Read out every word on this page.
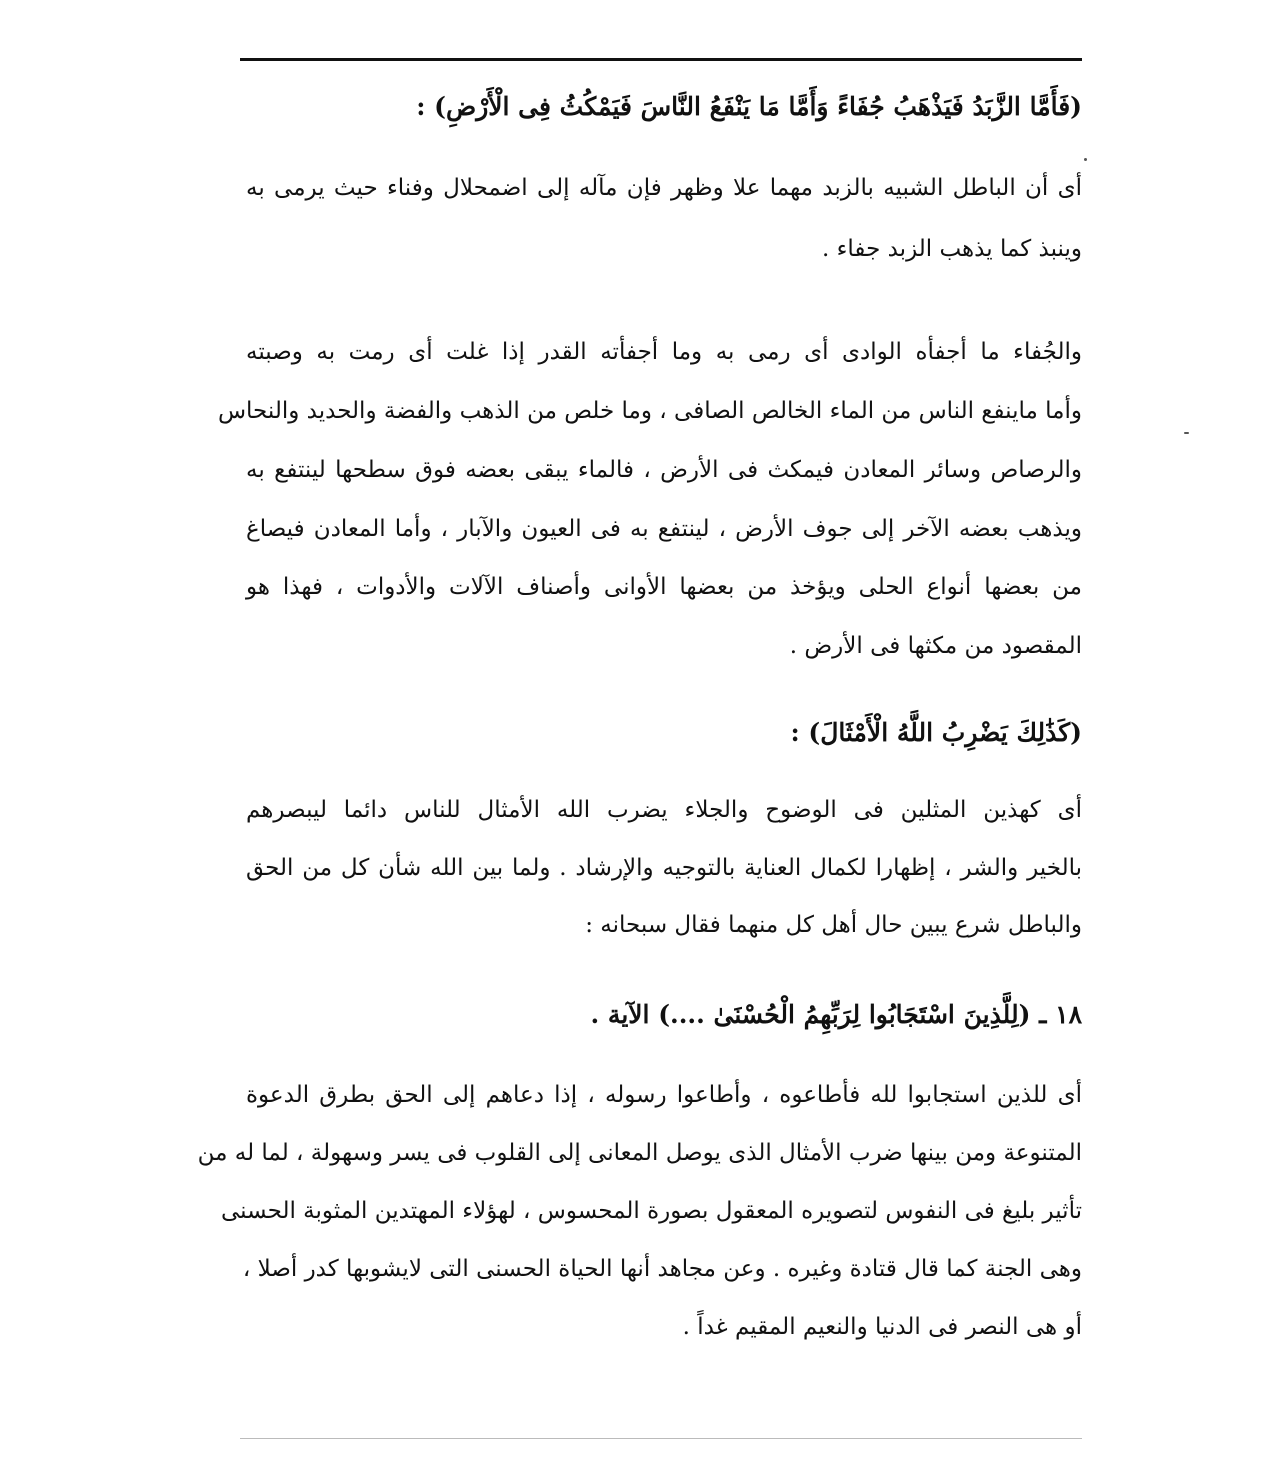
(فَأَمَّا الزَّبَدُ فَيَذْهَبُ جُفَاءً وَأَمَّا مَا يَنْفَعُ النَّاسَ فَيَمْكُثُ فِى الْأَرْضِ) :
أى أن الباطل الشبيه بالزبد مهما علا وظهر فإن مآله إلى اضمحلال وفناء حيث يرمى به
وينبذ كما يذهب الزبد جفاء .
والجُفاء ما أجفأه الوادى أى رمى به وما أجفأته القدر إذا غلت أى رمت به وصبته
وأما ماينفع الناس من الماء الخالص الصافى ، وما خلص من الذهب والفضة والحديد والنحاس
والرصاص وسائر المعادن فيمكث فى الأرض ، فالماء يبقى بعضه فوق سطحها لينتفع به
ويذهب بعضه الآخر إلى جوف الأرض ، لينتفع به فى العيون والآبار ، وأما المعادن فيصاغ
من بعضها أنواع الحلى ويؤخذ من بعضها الأوانى وأصناف الآلات والأدوات ، فهذا هو
المقصود من مكثها فى الأرض .
(كَذَٰلِكَ يَضْرِبُ اللَّهُ الْأَمْثَالَ) :
أى كهذين المثلين فى الوضوح والجلاء يضرب الله الأمثال للناس دائما ليبصرهم
بالخير والشر ، إظهارا لكمال العناية بالتوجيه والإرشاد . ولما بين الله شأن كل من الحق
والباطل شرع يبين حال أهل كل منهما فقال سبحانه :
١٨ ـ (لِلَّذِينَ اسْتَجَابُوا لِرَبِّهِمُ الْحُسْنَىٰ ....) الآية .
أى للذين استجابوا لله فأطاعوه ، وأطاعوا رسوله ، إذا دعاهم إلى الحق بطرق الدعوة
المتنوعة ومن بينها ضرب الأمثال الذى يوصل المعانى إلى القلوب فى يسر وسهولة ، لما له من
تأثير بليغ فى النفوس لتصويره المعقول بصورة المحسوس ، لهؤلاء المهتدين المثوبة الحسنى
وهى الجنة كما قال قتادة وغيره . وعن مجاهد أنها الحياة الحسنى التى لايشوبها كدر أصلا ،
أو هى النصر فى الدنيا والنعيم المقيم غداً .
